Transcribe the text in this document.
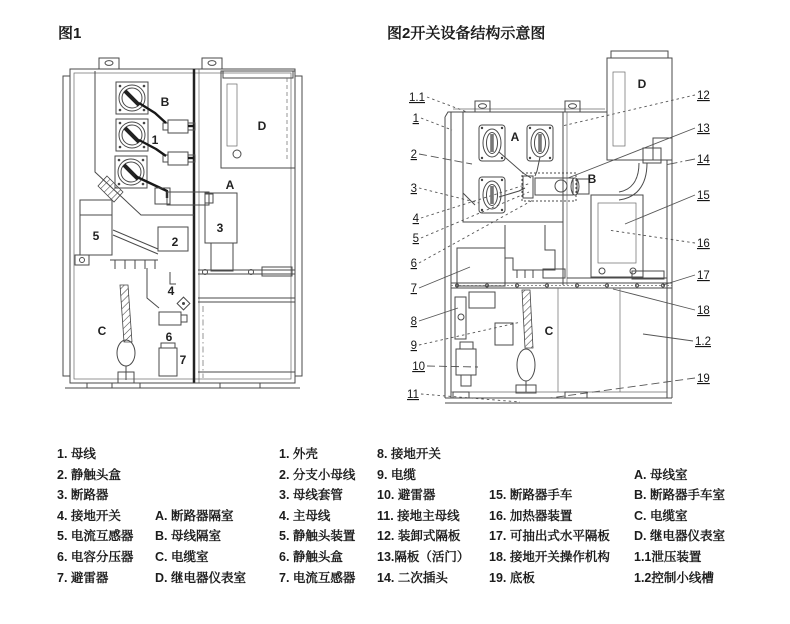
图1	图2开关设备结构示意图
B
D
A
C
1
2
3
4
5
6
7
A
B
C
D
1.1
1
2
3
4
5
6
7
8
9
10
11
12
13
14
15
16
17
18
1.2
19
1. 母线
2. 静触头盒
3. 断路器
4. 接地开关
5. 电流互感器
6. 电容分压器
7. 避雷器
A. 断路器隔室
B. 母线隔室
C. 电缆室
D. 继电器仪表室
1. 外壳
2. 分支小母线
3. 母线套管
4. 主母线
5. 静触头装置
6. 静触头盒
7. 电流互感器
8. 接地开关
9. 电缆
10. 避雷器
11. 接地主母线
12. 装卸式隔板
13.隔板（活门）
14. 二次插头
15. 断路器手车
16. 加热器装置
17. 可抽出式水平隔板
18. 接地开关操作机构
19. 底板
A. 母线室
B. 断路器手车室
C. 电缆室
D. 继电器仪表室
1.1泄压装置
1.2控制小线槽
